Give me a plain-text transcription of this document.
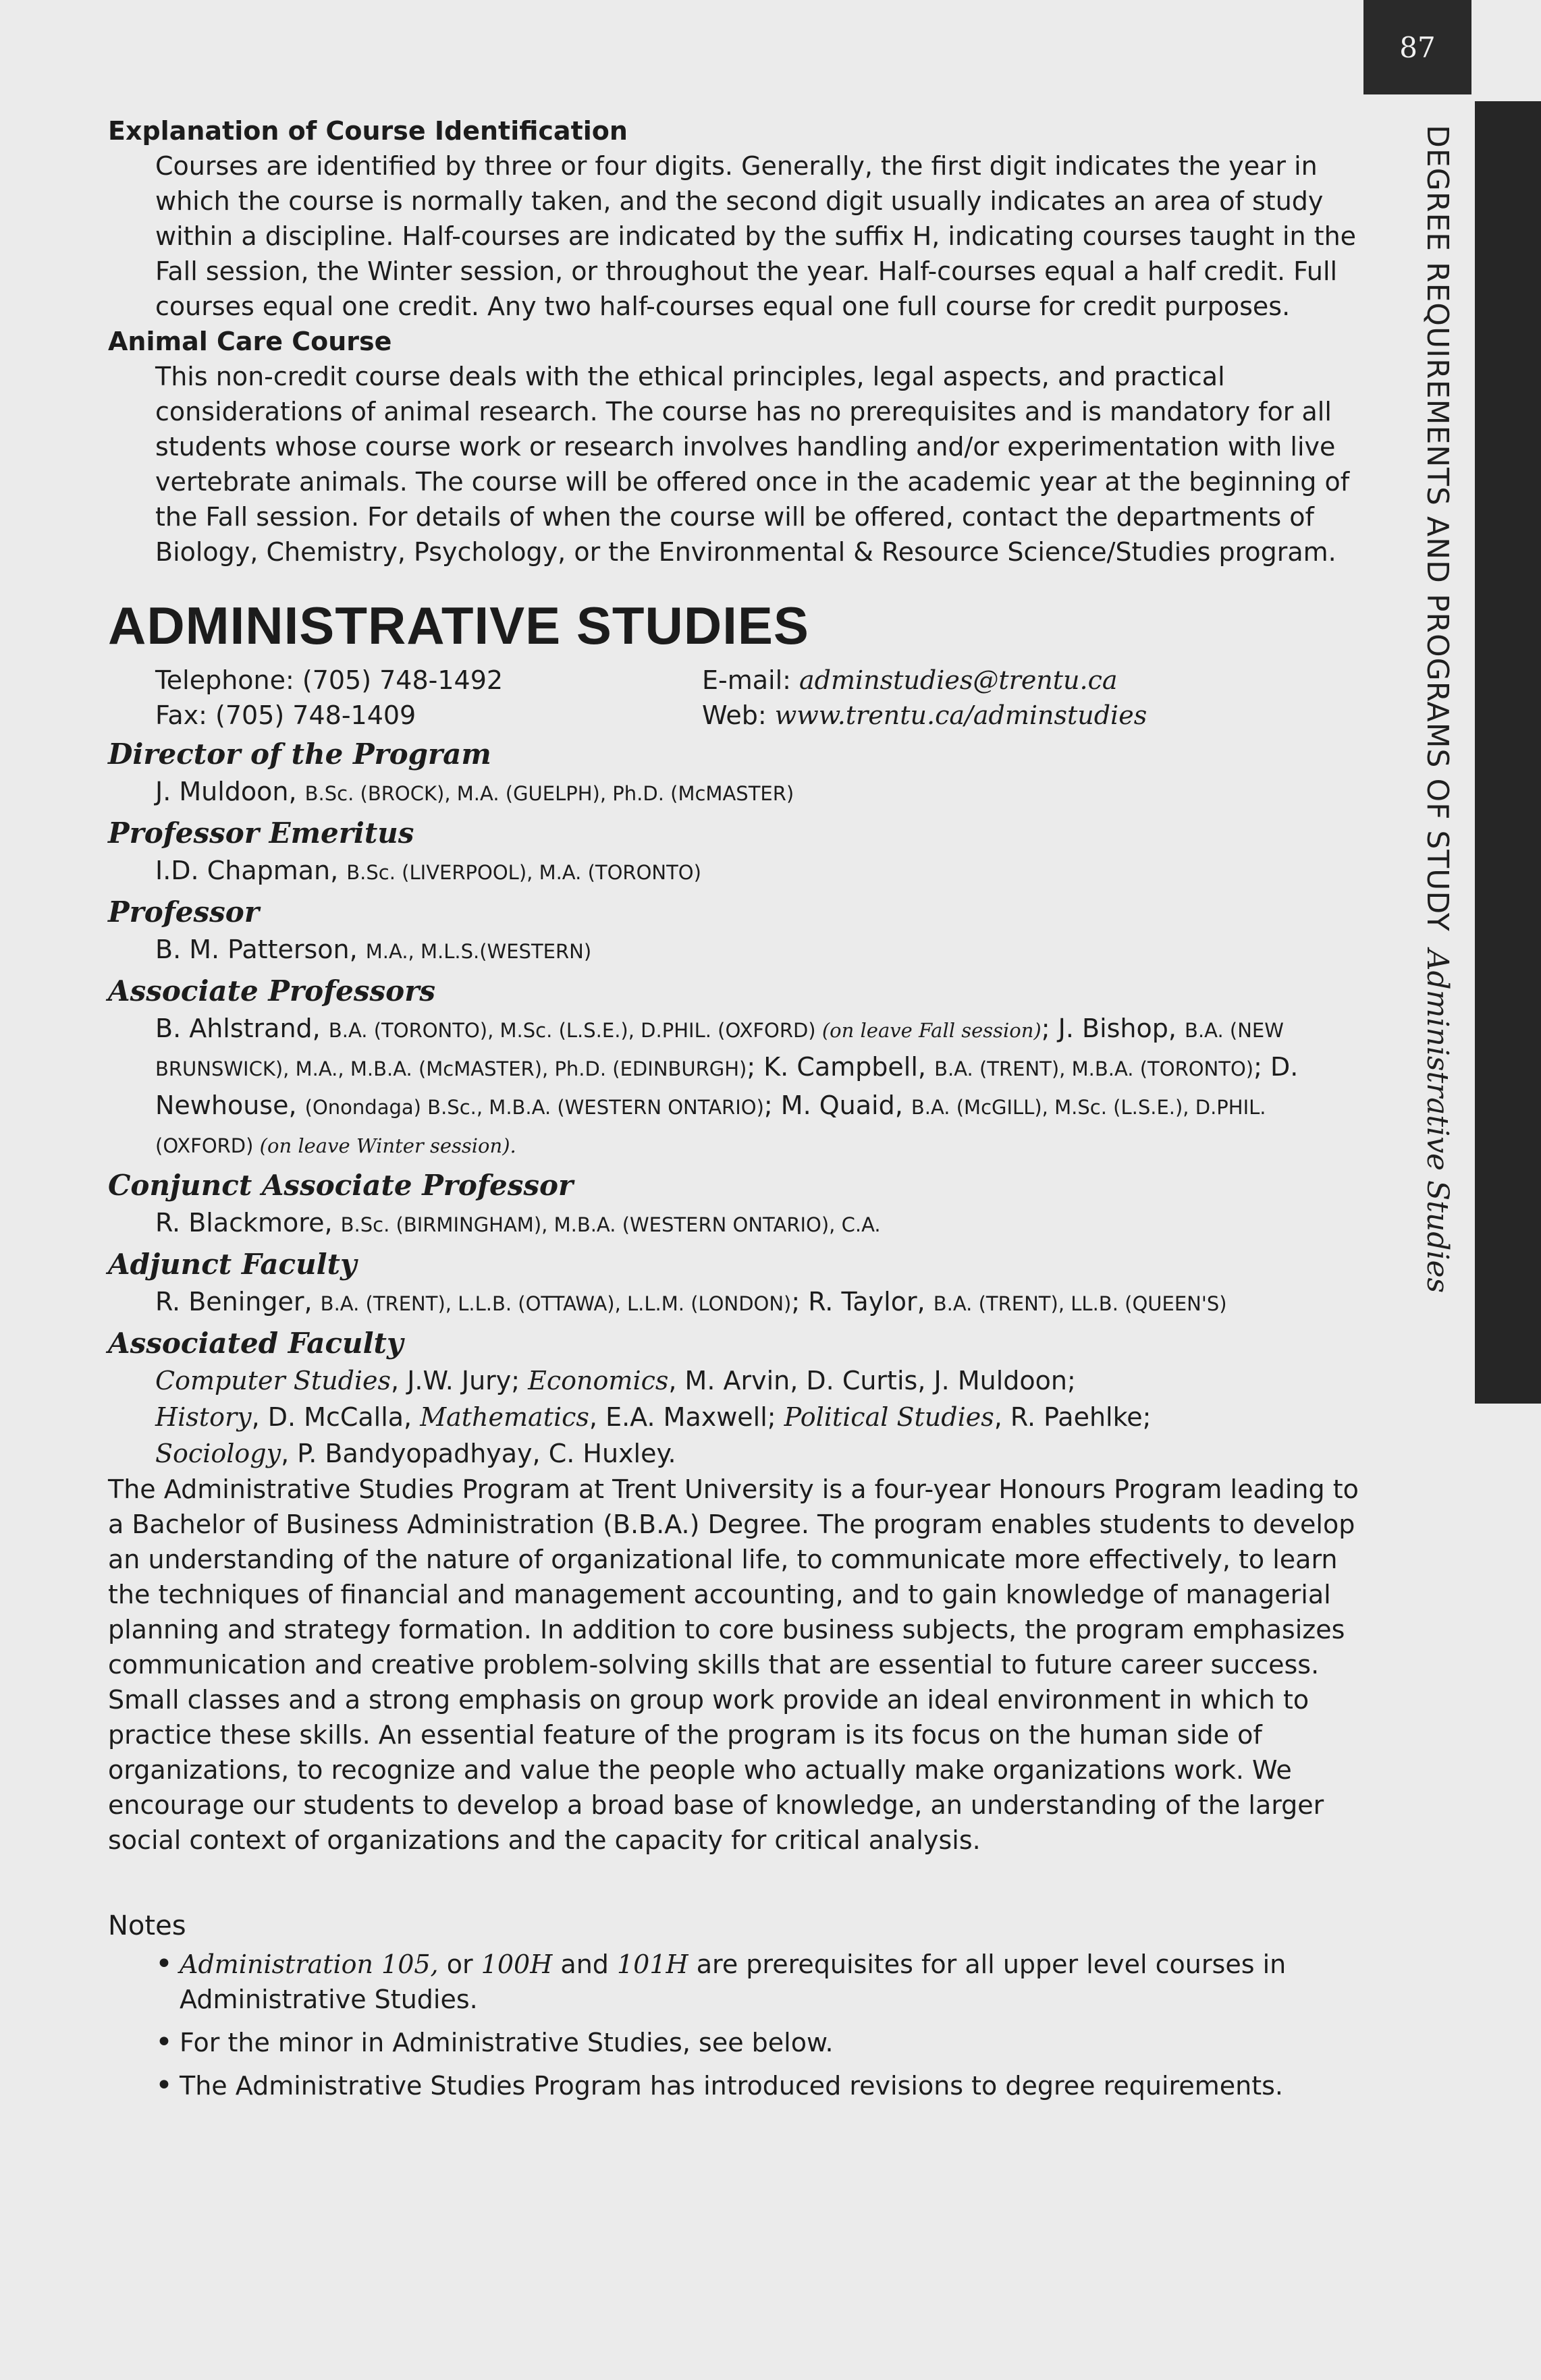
87
DEGREE REQUIREMENTS AND PROGRAMS OF STUDYAdministrative Studies

Explanation of Course Identification

Courses are identified by three or four digits. Generally, the first digit indicates the year in which the course is normally taken, and the second digit usually indicates an area of study within a discipline. Half-courses are indicated by the suffix H, indicating courses taught in the Fall session, the Winter session, or throughout the year. Half-courses equal a half credit. Full courses equal one credit. Any two half-courses equal one full course for credit purposes.

Animal Care Course

This non-credit course deals with the ethical principles, legal aspects, and practical considerations of animal research. The course has no prerequisites and is mandatory for all students whose course work or research involves handling and/or experimentation with live vertebrate animals. The course will be offered once in the academic year at the beginning of the Fall session. For details of when the course will be offered, contact the departments of Biology, Chemistry, Psychology, or the Environmental & Resource Science/Studies program.

ADMINISTRATIVE STUDIES
Telephone: (705) 748-1492	E-mail: adminstudies@trentu.ca
Fax: (705) 748-1409	Web: www.trentu.ca/adminstudies

Director of the Program

J. Muldoon, B.Sc. (BROCK), M.A. (GUELPH), Ph.D. (McMASTER)

Professor Emeritus

I.D. Chapman, B.Sc. (LIVERPOOL), M.A. (TORONTO)

Professor

B. M. Patterson, M.A., M.L.S.(WESTERN)

Associate Professors

B. Ahlstrand, B.A. (TORONTO), M.Sc. (L.S.E.), D.PHIL. (OXFORD) (on leave Fall session); J. Bishop, B.A. (NEW BRUNSWICK), M.A., M.B.A. (McMASTER), Ph.D. (EDINBURGH); K. Campbell, B.A. (TRENT), M.B.A. (TORONTO); D. Newhouse, (Onondaga) B.Sc., M.B.A. (WESTERN ONTARIO); M. Quaid, B.A. (McGILL), M.Sc. (L.S.E.), D.PHIL. (OXFORD) (on leave Winter session).

Conjunct Associate Professor

R. Blackmore, B.Sc. (BIRMINGHAM), M.B.A. (WESTERN ONTARIO), C.A.

Adjunct Faculty

R. Beninger, B.A. (TRENT), L.L.B. (OTTAWA), L.L.M. (LONDON); R. Taylor, B.A. (TRENT), LL.B. (QUEEN'S)

Associated Faculty

Computer Studies, J.W. Jury; Economics, M. Arvin, D. Curtis, J. Muldoon;
History, D. McCalla, Mathematics, E.A. Maxwell; Political Studies, R. Paehlke;
Sociology, P. Bandyopadhyay, C. Huxley.

The Administrative Studies Program at Trent University is a four-year Honours Program leading to a Bachelor of Business Administration (B.B.A.) Degree. The program enables students to develop an understanding of the nature of organizational life, to communicate more effectively, to learn the techniques of financial and management accounting, and to gain knowledge of managerial planning and strategy formation. In addition to core business subjects, the program emphasizes communication and creative problem-solving skills that are essential to future career success. Small classes and a strong emphasis on group work provide an ideal environment in which to practice these skills. An essential feature of the program is its focus on the human side of organizations, to recognize and value the people who actually make organizations work. We encourage our students to develop a broad base of knowledge, an understanding of the larger social context of organizations and the capacity for critical analysis.

Notes
• Administration 105, or 100H and 101H are prerequisites for all upper level courses in Administrative Studies.
• For the minor in Administrative Studies, see below.
• The Administrative Studies Program has introduced revisions to degree requirements.
